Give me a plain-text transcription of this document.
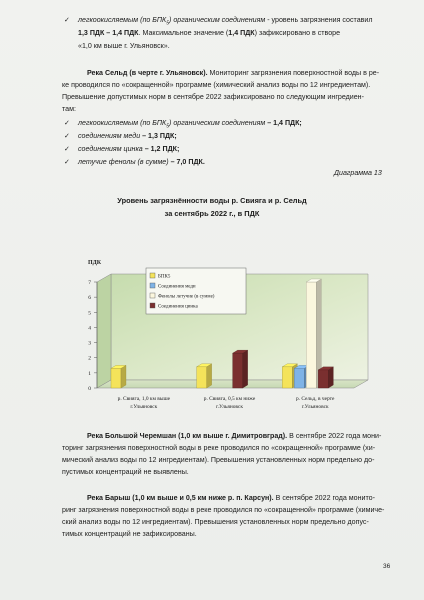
✓ легкоокисляемым (по $БПК_5$) органическим соединениям - уровень загрязнения составил
1,3 ПДК – 1,4 ПДК. Максимальное значение (1,4 ПДК) зафиксировано в створе
«1,0 км выше г. Ульяновск».
Река Сельд (в черте г. Ульяновск). Мониторинг загрязнения поверхностной воды в ре-
ке проводился по «сокращенной» программе (химический анализ воды по 12 ингредиентам).
Превышение допустимых норм в сентябре 2022 зафиксировано по следующим ингредиен-
там:
✓ легкоокисляемым (по $БПК_5$) органическим соединениям – 1,4 ПДК;
✓ соединениям меди – 1,3 ПДК;
✓ соединениям цинка – 1,2 ПДК;
✓ летучие фенолы (в сумме) – 7,0 ПДК.
Диаграмма 13
Уровень загрязнённости воды р. Свияга и р. Сельд
за сентябрь 2022 г., в ПДК
0
1
2
3
4
5
6
7
ПДК
р. Свияга, 1,0 км выше
г.Ульяновск
р. Свияга, 0,5 км ниже
г.Ульяновск
р. Сельд, в черте
г.Ульяновск
БПК5
Соединения меди
Фенолы летучие (в сумме)
Соединения цинка
Река Большой Черемшан (1,0 км выше г. Димитровград). В сентябре 2022 года мони-
торинг загрязнения поверхностной воды в реке проводился по «сокращенной» программе (хи-
мический анализ воды по 12 ингредиентам). Превышения установленных норм предельно до-
пустимых концентраций не выявлены.
Река Барыш (1,0 км выше и 0,5 км ниже р. п. Карсун). В сентябре 2022 года монито-
ринг загрязнения поверхностной воды в реке проводился по «сокращенной» программе (химиче-
ский анализ воды по 12 ингредиентам). Превышения установленных норм предельно допус-
тимых концентраций не зафиксированы.
36
